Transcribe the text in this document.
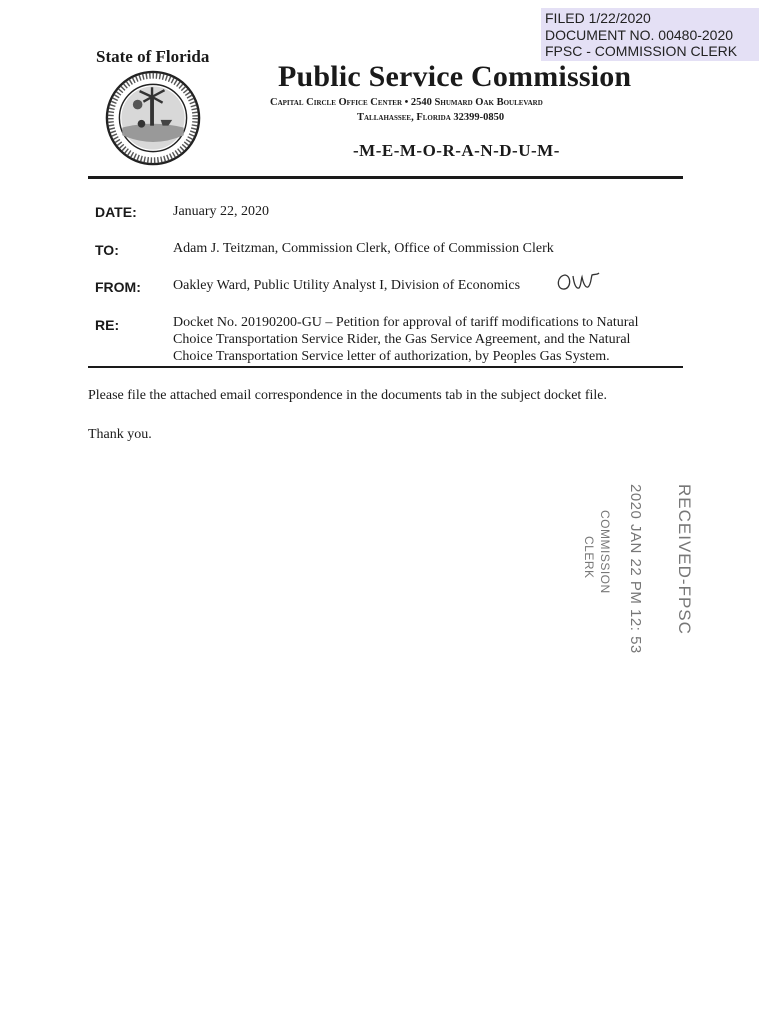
FILED 1/22/2020
DOCUMENT NO. 00480-2020
FPSC - COMMISSION CLERK
State of Florida
Public Service Commission
Capital Circle Office Center • 2540 Shumard Oak Boulevard
Tallahassee, Florida 32399-0850
-M-E-M-O-R-A-N-D-U-M-
DATE:	January 22, 2020
TO:	Adam J. Teitzman, Commission Clerk, Office of Commission Clerk
FROM: Oakley Ward, Public Utility Analyst I, Division of Economics
RE:	Docket No. 20190200-GU – Petition for approval of tariff modifications to Natural
Choice Transportation Service Rider, the Gas Service Agreement, and the Natural
Choice Transportation Service letter of authorization, by Peoples Gas System.
Please file the attached email correspondence in the documents tab in the subject docket file.
Thank you.
RECEIVED-FPSC
2020 JAN 22 PM 12: 53
COMMISSION
CLERK
